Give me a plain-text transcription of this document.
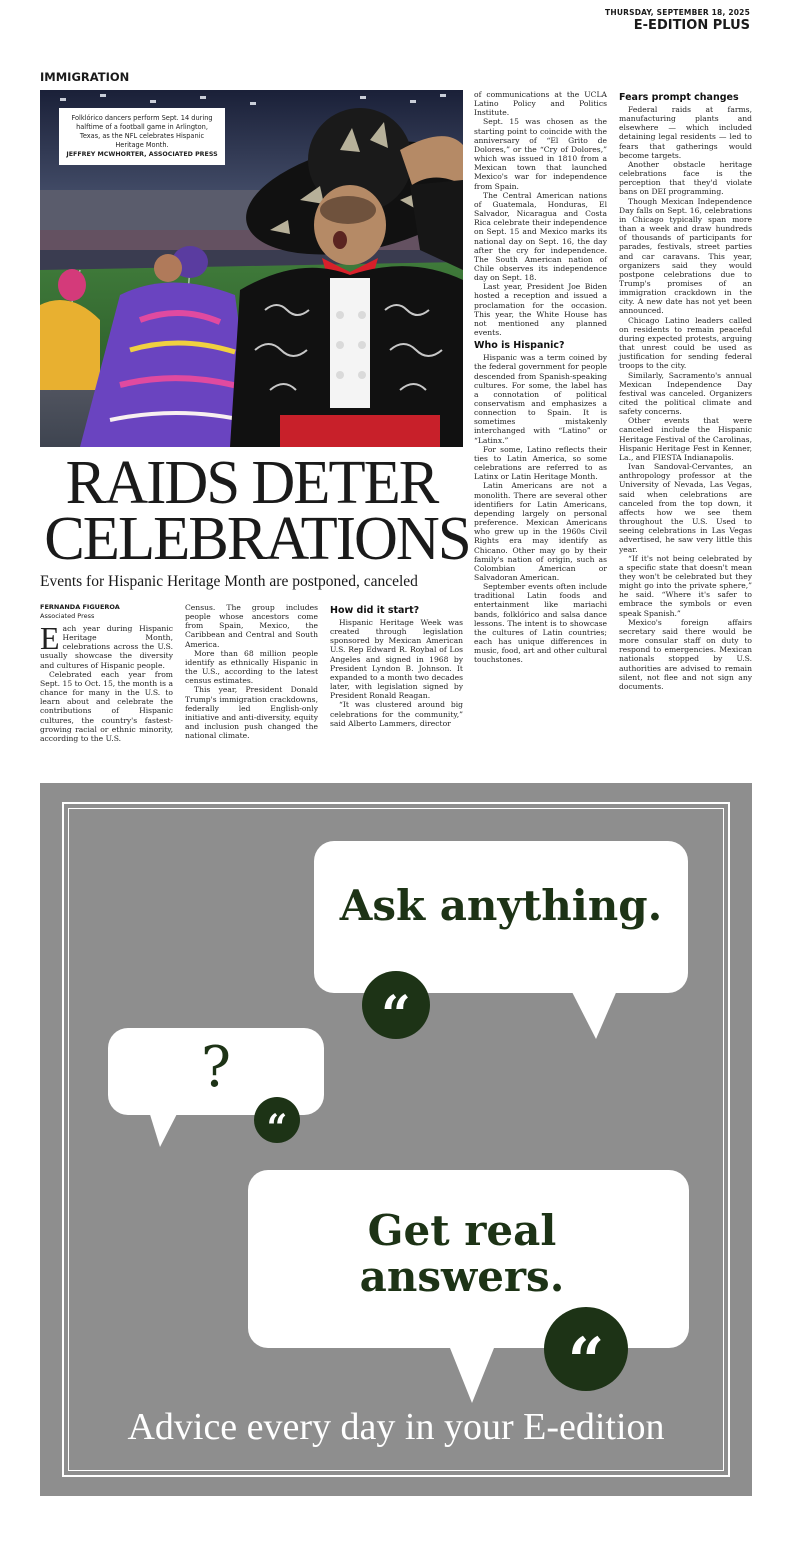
THURSDAY, SEPTEMBER 18, 2025
E-EDITION PLUS
IMMIGRATION
Folklórico dancers perform Sept. 14 during halftime of a football game in Arlington, Texas, as the NFL celebrates Hispanic Heritage Month.
JEFFREY MCWHORTER, ASSOCIATED PRESS
RAIDS DETER
CELEBRATIONS
Events for Hispanic Heritage Month are postponed, canceled
FERNANDA FIGUEROA
Associated Press

Each year during Hispanic Heritage Month, celebrations across the U.S. usually showcase the diversity and cultures of Hispanic people.

Celebrated each year from Sept. 15 to Oct. 15, the month is a chance for many in the U.S. to learn about and celebrate the contributions of Hispanic cultures, the country's fastest-growing racial or ethnic minority, according to the U.S.

Census. The group includes people whose ancestors come from Spain, Mexico, the Caribbean and Central and South America.

More than 68 million people identify as ethnically Hispanic in the U.S., according to the latest census estimates.

This year, President Donald Trump's immigration crackdowns, federally led English-only initiative and anti-diversity, equity and inclusion push changed the national climate.

How did it start?

Hispanic Heritage Week was created through legislation sponsored by Mexican American U.S. Rep Edward R. Roybal of Los Angeles and signed in 1968 by President Lyndon B. Johnson. It expanded to a month two decades later, with legislation signed by President Ronald Reagan.

“It was clustered around big celebrations for the community,” said Alberto Lammers, director

of communications at the UCLA Latino Policy and Politics Institute.

Sept. 15 was chosen as the starting point to coincide with the anniversary of “El Grito de Dolores,” or the “Cry of Dolores,” which was issued in 1810 from a Mexican town that launched Mexico's war for independence from Spain.

The Central American nations of Guatemala, Honduras, El Salvador, Nicaragua and Costa Rica celebrate their independence on Sept. 15 and Mexico marks its national day on Sept. 16, the day after the cry for independence. The South American nation of Chile observes its independence day on Sept. 18.

Last year, President Joe Biden hosted a reception and issued a proclamation for the occasion. This year, the White House has not mentioned any planned events.

Who is Hispanic?

Hispanic was a term coined by the federal government for people descended from Spanish-speaking cultures. For some, the label has a connotation of political conservatism and emphasizes a connection to Spain. It is sometimes mistakenly interchanged with “Latino” or “Latinx.”

For some, Latino reflects their ties to Latin America, so some celebrations are referred to as Latinx or Latin Heritage Month.

Latin Americans are not a monolith. There are several other identifiers for Latin Americans, depending largely on personal preference. Mexican Americans who grew up in the 1960s Civil Rights era may identify as Chicano. Other may go by their family's nation of origin, such as Colombian American or Salvadoran American.

September events often include traditional Latin foods and entertainment like mariachi bands, folklórico and salsa dance lessons. The intent is to showcase the cultures of Latin countries; each has unique differences in music, food, art and other cultural touchstones.

Fears prompt changes

Federal raids at farms, manufacturing plants and elsewhere — which included detaining legal residents — led to fears that gatherings would become targets.

Another obstacle heritage celebrations face is the perception that they'd violate bans on DEI programming.

Though Mexican Independence Day falls on Sept. 16, celebrations in Chicago typically span more than a week and draw hundreds of thousands of participants for parades, festivals, street parties and car caravans. This year, organizers said they would postpone celebrations due to Trump's promises of an immigration crackdown in the city. A new date has not yet been announced.

Chicago Latino leaders called on residents to remain peaceful during expected protests, arguing that unrest could be used as justification for sending federal troops to the city.

Similarly, Sacramento's annual Mexican Independence Day festival was canceled. Organizers cited the political climate and safety concerns.

Other events that were canceled include the Hispanic Heritage Festival of the Carolinas, Hispanic Heritage Fest in Kenner, La., and FIESTA Indianapolis.

Ivan Sandoval-Cervantes, an anthropology professor at the University of Nevada, Las Vegas, said when celebrations are canceled from the top down, it affects how we see them throughout the U.S. Used to seeing celebrations in Las Vegas advertised, he saw very little this year.

“If it's not being celebrated by a specific state that doesn't mean they won't be celebrated but they might go into the private sphere,” he said. “Where it's safer to embrace the symbols or even speak Spanish.”

Mexico's foreign affairs secretary said there would be more consular staff on duty to respond to emergencies. Mexican nationals stopped by U.S. authorities are advised to remain silent, not flee and not sign any documents.

Ask anything.
?
Get real
answers.
“
“
“
Advice every day in your E-edition
